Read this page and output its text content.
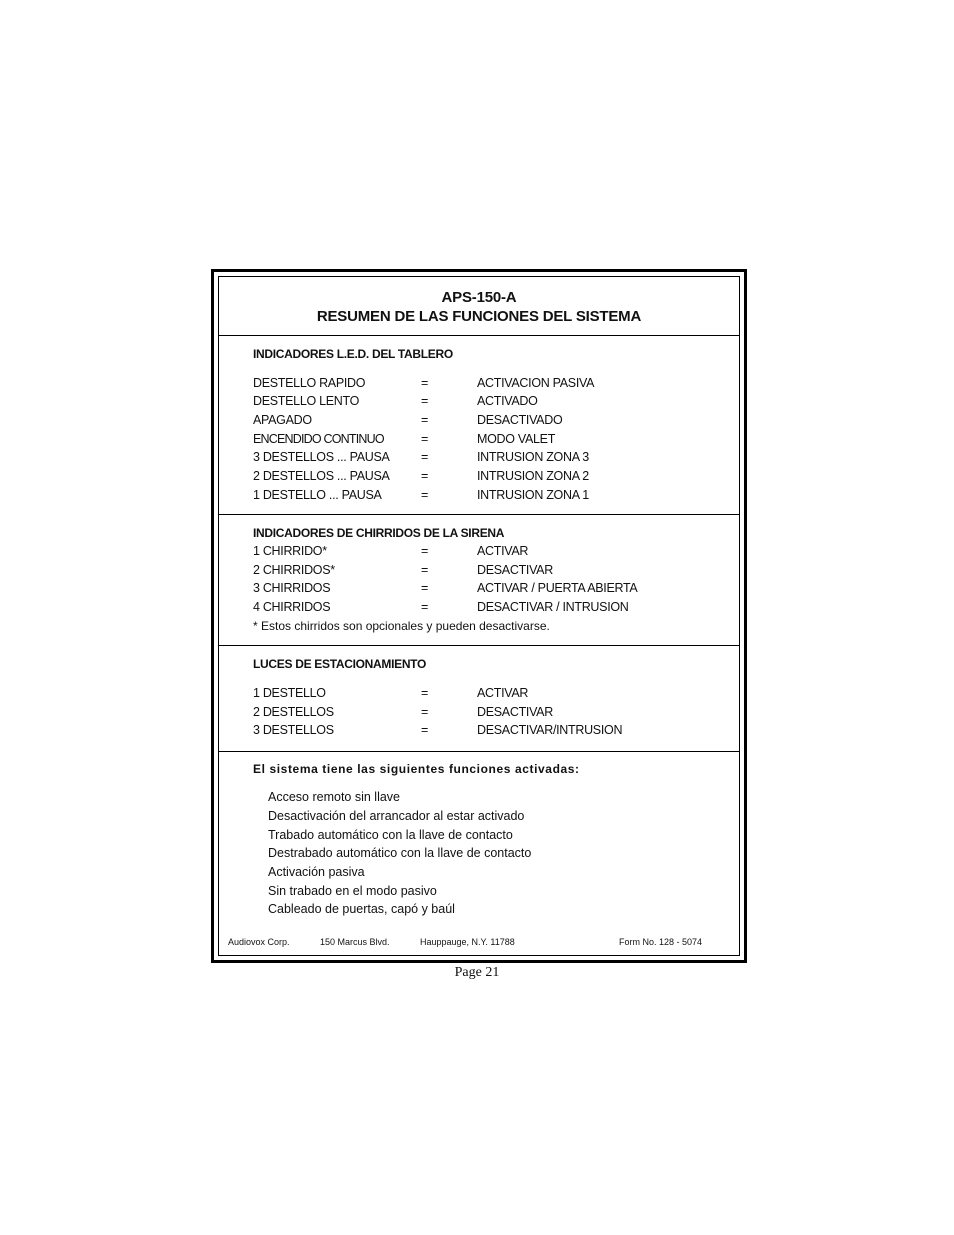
APS-150-A
RESUMEN DE LAS FUNCIONES DEL SISTEMA
INDICADORES L.E.D. DEL TABLERO
DESTELLO RAPIDO	=	ACTIVACION PASIVA
DESTELLO LENTO	=	ACTIVADO
APAGADO	=	DESACTIVADO
ENCENDIDO CONTINUO	=	MODO VALET
3 DESTELLOS ... PAUSA	=	INTRUSION ZONA 3
2 DESTELLOS ... PAUSA	=	INTRUSION ZONA 2
1 DESTELLO ... PAUSA	=	INTRUSION ZONA 1
INDICADORES DE CHIRRIDOS DE LA SIRENA
1 CHIRRIDO*	=	ACTIVAR
2 CHIRRIDOS*	=	DESACTIVAR
3 CHIRRIDOS	=	ACTIVAR / PUERTA ABIERTA
4 CHIRRIDOS	=	DESACTIVAR / INTRUSION
* Estos chirridos son opcionales y pueden desactivarse.
LUCES DE ESTACIONAMIENTO
1 DESTELLO	=	ACTIVAR
2 DESTELLOS	=	DESACTIVAR
3 DESTELLOS	=	DESACTIVAR/INTRUSION
El sistema tiene las siguientes funciones activadas:
Acceso remoto sin llave
Desactivación del arrancador al estar activado
Trabado automático con la llave de contacto
Destrabado automático con la llave de contacto
Activación pasiva
Sin trabado en el modo pasivo
Cableado de puertas, capó y baúl
Audiovox Corp.	150 Marcus Blvd.	Hauppauge, N.Y. 11788	Form No. 128 - 5074
Page 21
